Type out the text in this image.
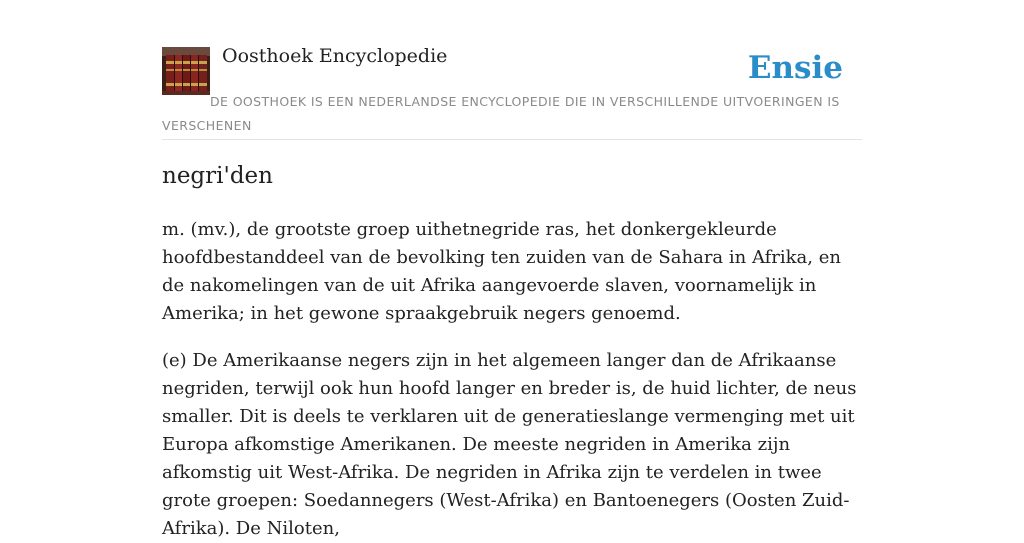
Oosthoek Encyclopedie	Ensie

DE OOSTHOEK IS EEN NEDERLANDSE ENCYCLOPEDIE DIE IN VERSCHILLENDE UITVOERINGEN IS VERSCHENEN

negri'den

m. (mv.), de grootste groep uithetnegride ras, het donkergekleurde hoofdbestanddeel van de bevolking ten zuiden van de Sahara in Afrika, en de nakomelingen van de uit Afrika aangevoerde slaven, voornamelijk in Amerika; in het gewone spraakgebruik negers genoemd.

(e) De Amerikaanse negers zijn in het algemeen langer dan de Afrikaanse negriden, terwijl ook hun hoofd langer en breder is, de huid lichter, de neus smaller. Dit is deels te verklaren uit de generatieslange vermenging met uit Europa afkomstige Amerikanen. De meeste negriden in Amerika zijn afkomstig uit West-Afrika. De negriden in Afrika zijn te verdelen in twee grote groepen: Soedannegers (West-Afrika) en Bantoenegers (Oosten Zuid-Afrika). De Niloten,
